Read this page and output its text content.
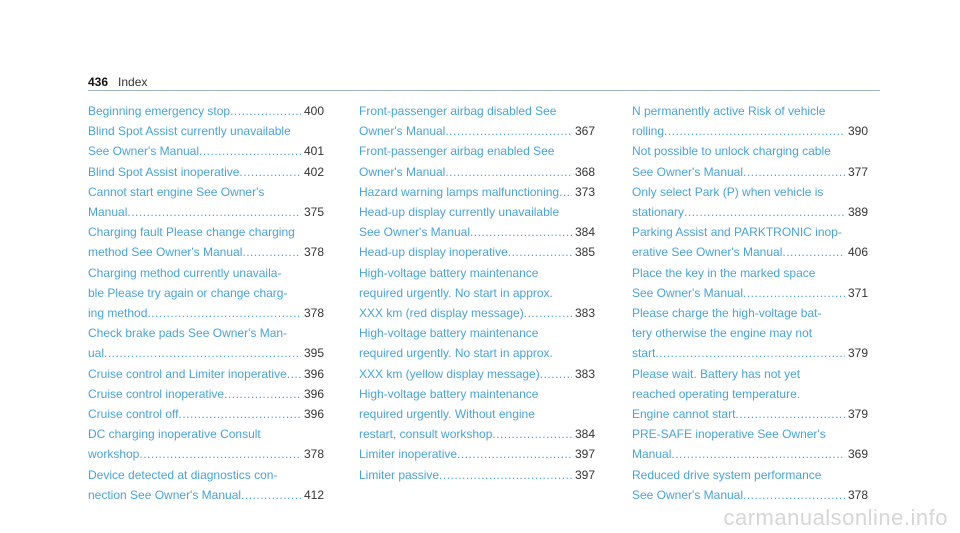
436 Index
Beginning emergency stop .....	400
Blind Spot Assist currently unavailable
See Owner's Manual .....	401
Blind Spot Assist inoperative .....	402
Cannot start engine See Owner's
Manual .....	375
Charging fault Please change charging
method See Owner's Manual .....	378
Charging method currently unavaila-
ble Please try again or change charg-
ing method .....	378
Check brake pads See Owner's Man-
ual .....	395
Cruise control and Limiter inoperative ..... 396
Cruise control inoperative .....	396
Cruise control off .....	396
DC charging inoperative Consult
workshop .....	378
Device detected at diagnostics con-
nection See Owner's Manual .....	412
Front-passenger airbag disabled See
Owner's Manual .....	367
Front-passenger airbag enabled See
Owner's Manual .....	368
Hazard warning lamps malfunctioning ..... 373
Head-up display currently unavailable
See Owner's Manual .....	384
Head-up display inoperative .....	385
High-voltage battery maintenance
required urgently. No start in approx.
XXX km (red display message) .....	383
High-voltage battery maintenance
required urgently. No start in approx.
XXX km (yellow display message) .....	383
High-voltage battery maintenance
required urgently. Without engine
restart, consult workshop .....	384
Limiter inoperative .....	397
Limiter passive .....	397
N permanently active Risk of vehicle
rolling .....	390
Not possible to unlock charging cable
See Owner's Manual .....	377
Only select Park (P) when vehicle is
stationary .....	389
Parking Assist and PARKTRONIC inop-
erative See Owner's Manual .....	406
Place the key in the marked space
See Owner's Manual .....	371
Please charge the high-voltage bat-
tery otherwise the engine may not
start .....	379
Please wait. Battery has not yet
reached operating temperature.
Engine cannot start .....	379
PRE-SAFE inoperative See Owner's
Manual .....	369
Reduced drive system performance
See Owner's Manual .....	378
carmanualsonline.info
